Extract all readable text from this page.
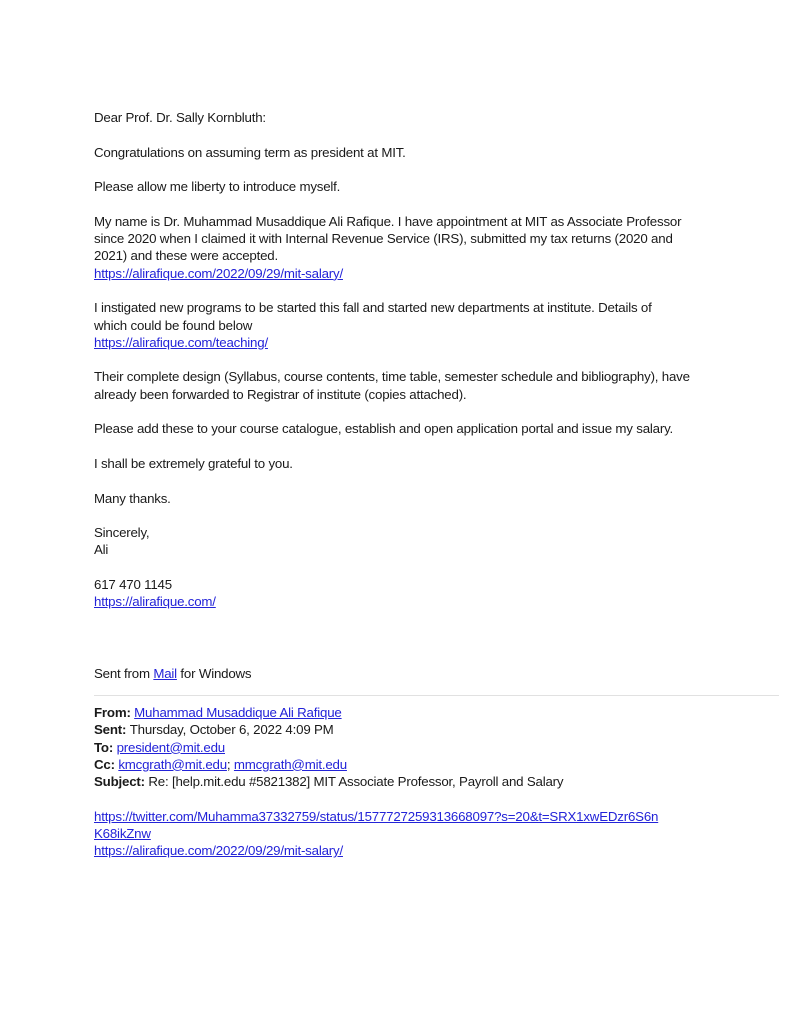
Dear Prof. Dr. Sally Kornbluth:
Congratulations on assuming term as president at MIT.
Please allow me liberty to introduce myself.
My name is Dr. Muhammad Musaddique Ali Rafique. I have appointment at MIT as Associate Professor
since 2020 when I claimed it with Internal Revenue Service (IRS), submitted my tax returns (2020 and
2021) and these were accepted.
https://alirafique.com/2022/09/29/mit-salary/
I instigated new programs to be started this fall and started new departments at institute. Details of
which could be found below
https://alirafique.com/teaching/
Their complete design (Syllabus, course contents, time table, semester schedule and bibliography), have
already been forwarded to Registrar of institute (copies attached).
Please add these to your course catalogue, establish and open application portal and issue my salary.
I shall be extremely grateful to you.
Many thanks.
Sincerely,
Ali
617 470 1145
https://alirafique.com/
Sent from Mail for Windows
From: Muhammad Musaddique Ali Rafique
Sent: Thursday, October 6, 2022 4:09 PM
To: president@mit.edu
Cc: kmcgrath@mit.edu; mmcgrath@mit.edu
Subject: Re: [help.mit.edu #5821382] MIT Associate Professor, Payroll and Salary
https://twitter.com/Muhamma37332759/status/1577727259313668097?s=20&t=SRX1xwEDzr6S6n
K68ikZnw
https://alirafique.com/2022/09/29/mit-salary/
